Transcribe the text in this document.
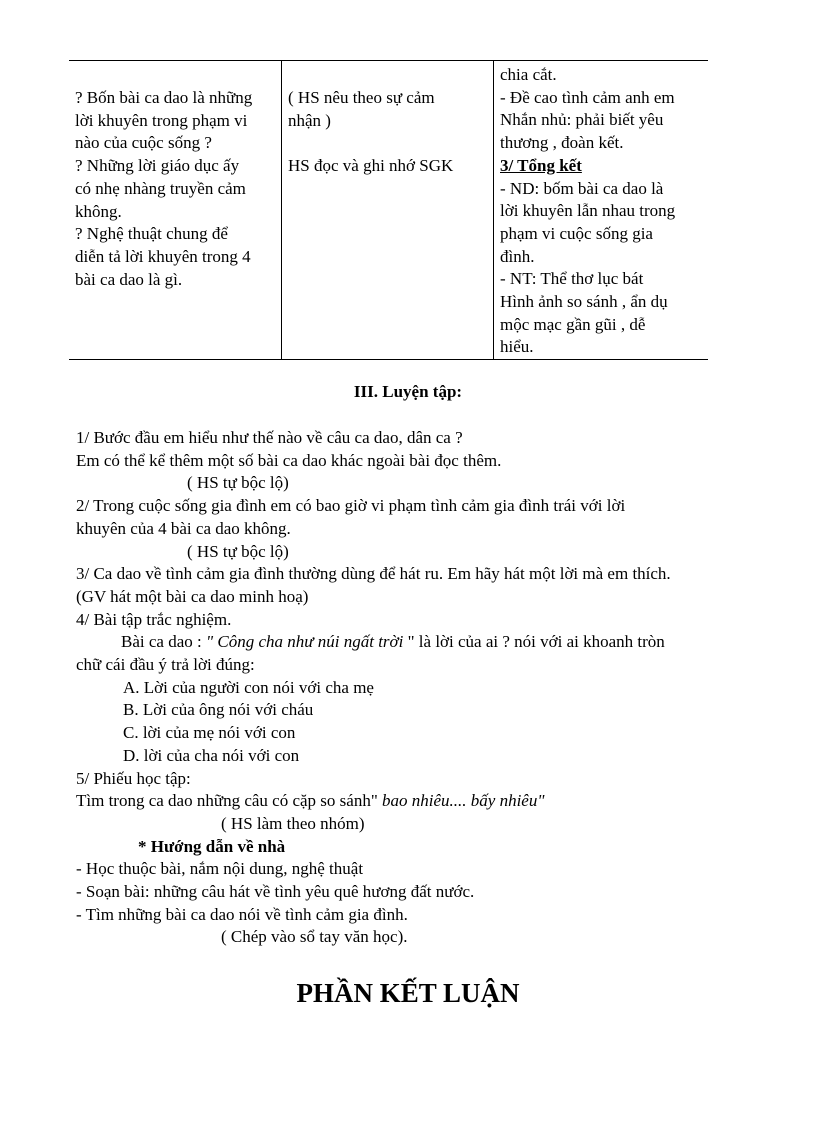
? Bốn bài ca dao là những

lời khuyên trong phạm vi

nào của cuộc sống ?

? Những lời giáo dục ấy

có nhẹ nhàng truyền cảm

không.

? Nghệ thuật chung để

diễn tả lời khuyên trong 4

bài ca dao là gì.

( HS nêu theo sự cảm

nhận )

HS đọc và ghi nhớ SGK

chia cắt.

- Đề cao tình cảm anh em

Nhắn nhủ: phải biết yêu

thương , đoàn kết.

3/ Tổng kết

- ND: bốm bài ca dao là

lời khuyên lẫn nhau trong

phạm vi cuộc sống gia

đình.

- NT: Thể thơ lục bát

Hình ảnh so sánh , ẩn dụ

mộc mạc gần gũi , dễ

hiểu.

III. Luyện tập:

1/ Bước đầu em hiểu như thế nào về câu ca dao, dân ca ?

Em có thể kể thêm một số bài ca dao khác ngoài bài đọc thêm.

( HS tự bộc lộ)

2/ Trong cuộc sống gia đình em có bao giờ vi phạm tình cảm gia đình trái với lời

khuyên của 4 bài ca dao không.

( HS tự bộc lộ)

3/ Ca dao về tình cảm gia đình thường dùng để hát ru. Em hãy hát một lời mà em thích.

(GV hát một bài ca dao minh hoạ)

4/ Bài tập trắc nghiệm.

Bài ca dao : " Công cha như núi ngất trời " là lời của ai ? nói với ai khoanh tròn

chữ cái đầu ý trả lời đúng:

A. Lời của người con nói với cha mẹ

B. Lời của ông nói với cháu

C. lời của mẹ nói với con

D. lời của cha nói với con

5/ Phiếu học tập:

Tìm trong ca dao những câu có cặp so sánh" bao nhiêu.... bấy nhiêu"

( HS làm theo nhóm)

* Hướng dẫn về nhà

- Học thuộc bài, nắm nội dung, nghệ thuật

- Soạn bài: những câu hát về tình yêu quê hương đất nước.

- Tìm những bài ca dao nói về tình cảm gia đình.

( Chép vào sổ tay văn học).

PHẦN KẾT LUẬN
